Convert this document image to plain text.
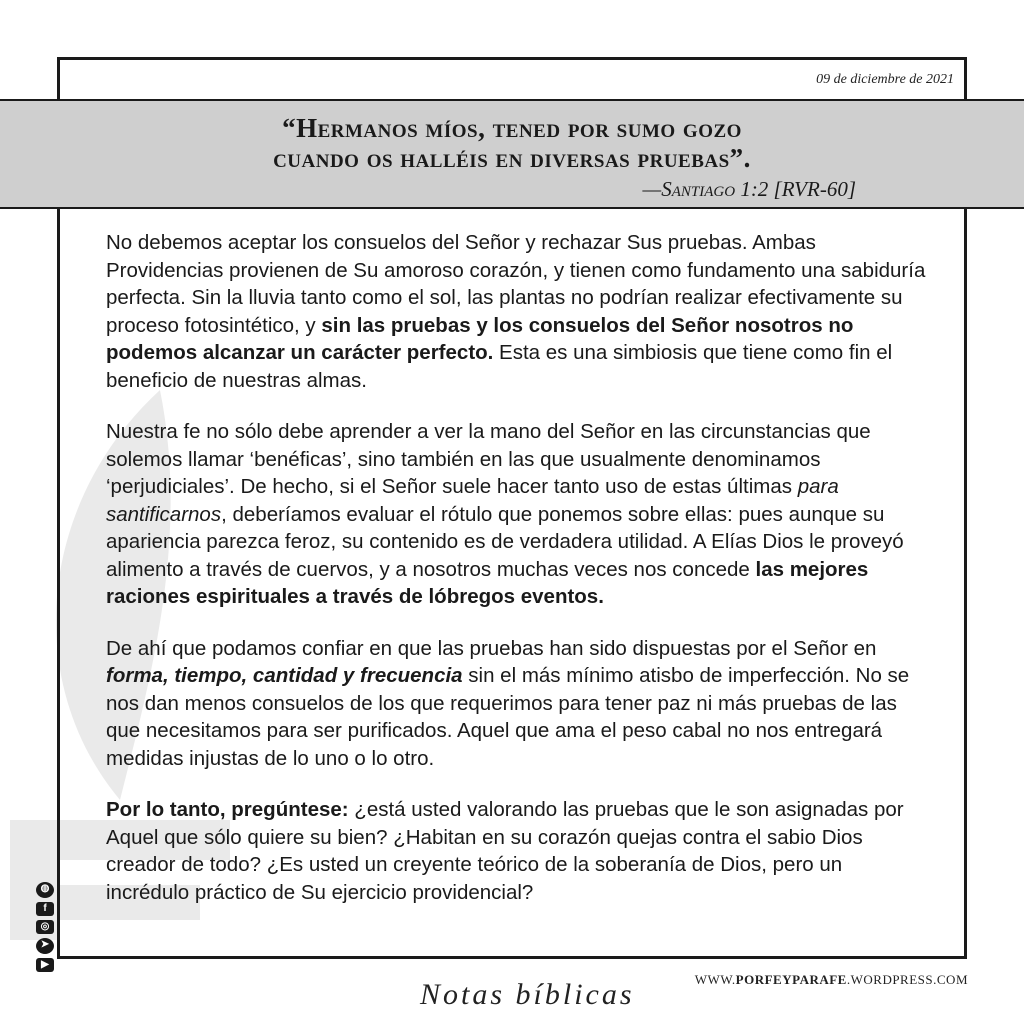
09 de diciembre de 2021
“Hermanos míos, tened por sumo gozo
cuando os halléis en diversas pruebas”.
—Santiago 1:2 [RVR-60]

No debemos aceptar los consuelos del Señor y rechazar Sus pruebas. Ambas Providencias provienen de Su amoroso corazón, y tienen como fundamento una sabiduría perfecta. Sin la lluvia tanto como el sol, las plantas no podrían realizar efectivamente su proceso fotosintético, y sin las pruebas y los consuelos del Señor nosotros no podemos alcanzar un carácter perfecto. Esta es una simbiosis que tiene como fin el beneficio de nuestras almas.

Nuestra fe no sólo debe aprender a ver la mano del Señor en las circunstancias que solemos llamar ‘benéficas’, sino también en las que usualmente denominamos ‘perjudiciales’. De hecho, si el Señor suele hacer tanto uso de estas últimas para santificarnos, deberíamos evaluar el rótulo que ponemos sobre ellas: pues aunque su apariencia parezca feroz, su contenido es de verdadera utilidad. A Elías Dios le proveyó alimento a través de cuervos, y a nosotros muchas veces nos concede las mejores raciones espirituales a través de lóbregos eventos.

De ahí que podamos confiar en que las pruebas han sido dispuestas por el Señor en forma, tiempo, cantidad y frecuencia sin el más mínimo atisbo de imperfección. No se nos dan menos consuelos de los que requerimos para tener paz ni más pruebas de las que necesitamos para ser purificados. Aquel que ama el peso cabal no nos entregará medidas injustas de lo uno o lo otro.

Por lo tanto, pregúntese: ¿está usted valorando las pruebas que le son asignadas por Aquel que sólo quiere su bien? ¿Habitan en su corazón quejas contra el sabio Dios creador de todo? ¿Es usted un creyente teórico de la soberanía de Dios, pero un incrédulo práctico de Su ejercicio providencial?

◍
f
◎
➤
▶
Notas bíblicas	WWW.PORFEYPARAFE.WORDPRESS.COM
